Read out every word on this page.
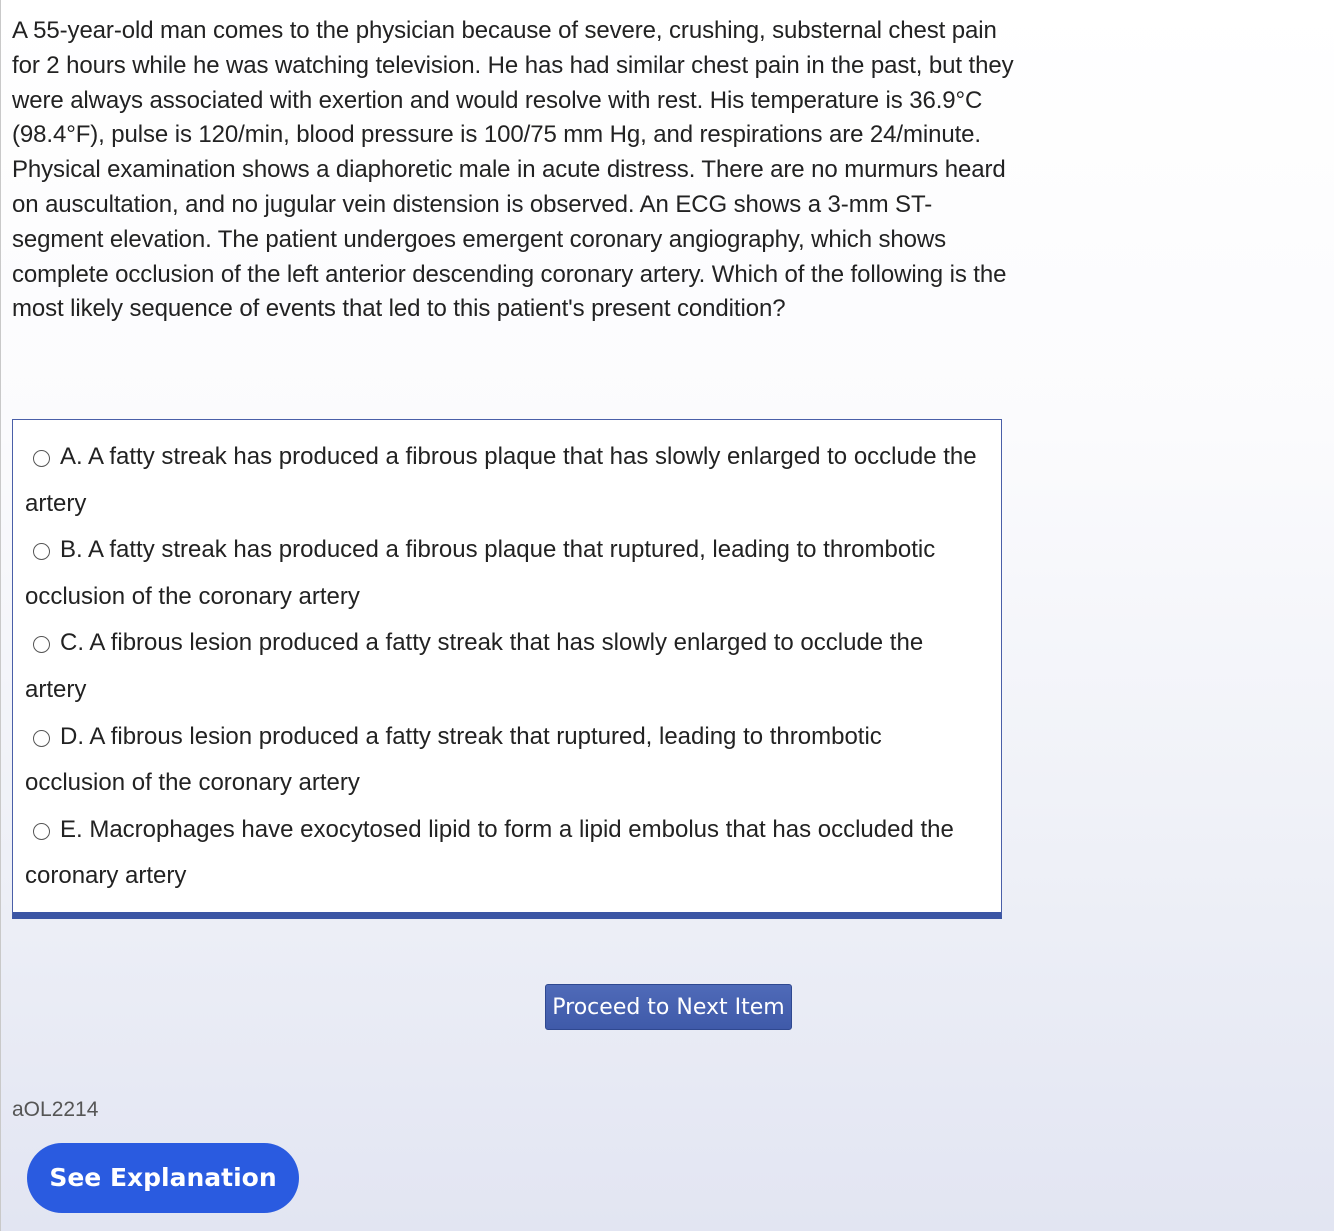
A 55-year-old man comes to the physician because of severe, crushing, substernal chest pain for 2 hours while he was watching television. He has had similar chest pain in the past, but they were always associated with exertion and would resolve with rest. His temperature is 36.9°C (98.4°F), pulse is 120/min, blood pressure is 100/75 mm Hg, and respirations are 24/minute. Physical examination shows a diaphoretic male in acute distress. There are no murmurs heard on auscultation, and no jugular vein distension is observed. An ECG shows a 3-mm ST-segment elevation. The patient undergoes emergent coronary angiography, which shows complete occlusion of the left anterior descending coronary artery. Which of the following is the most likely sequence of events that led to this patient's present condition?
A. A fatty streak has produced a fibrous plaque that has slowly enlarged to occlude the artery
B. A fatty streak has produced a fibrous plaque that ruptured, leading to thrombotic occlusion of the coronary artery
C. A fibrous lesion produced a fatty streak that has slowly enlarged to occlude the artery
D. A fibrous lesion produced a fatty streak that ruptured, leading to thrombotic occlusion of the coronary artery
E. Macrophages have exocytosed lipid to form a lipid embolus that has occluded the coronary artery
Proceed to Next Item
aOL2214
See Explanation
